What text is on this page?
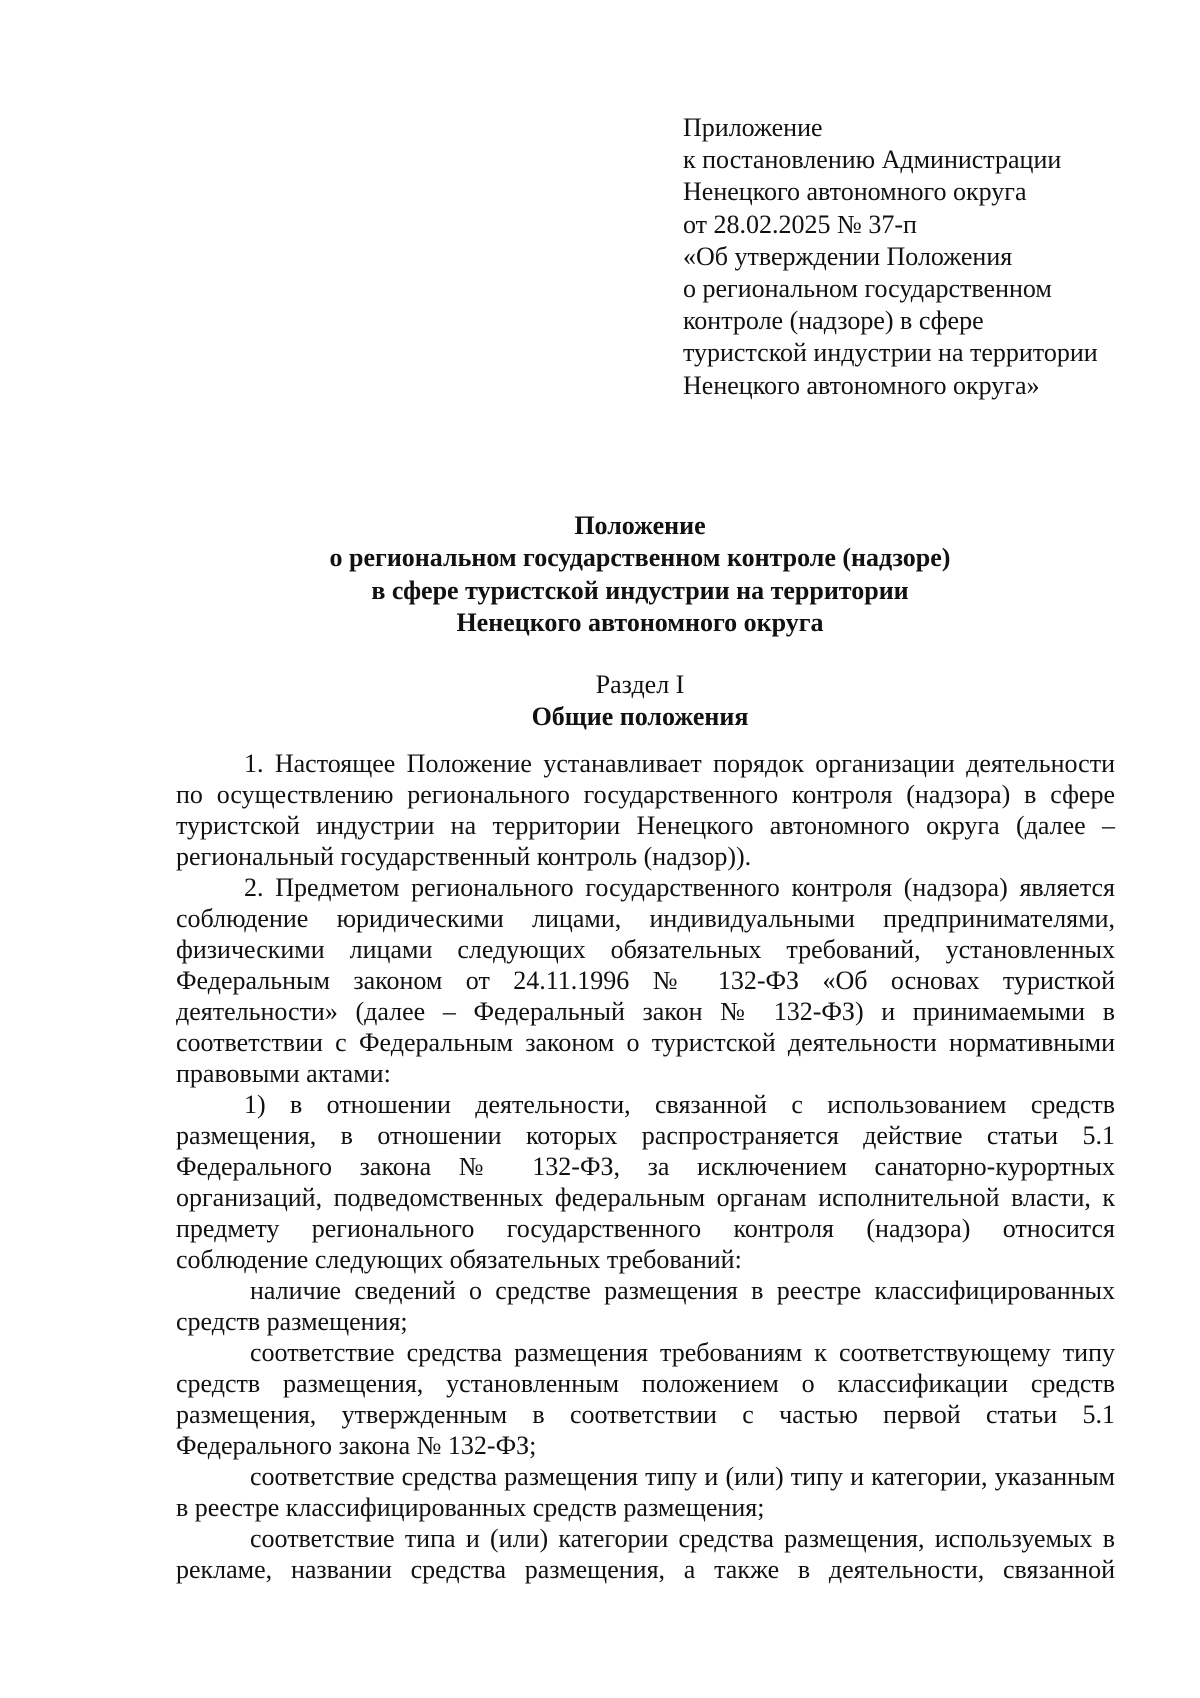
Приложение
к постановлению Администрации
Ненецкого автономного округа
от 28.02.2025 № 37-п
«Об утверждении Положения
о региональном государственном
контроле (надзоре) в сфере
туристской индустрии на территории
Ненецкого автономного округа»
Положение
о региональном государственном контроле (надзоре)
в сфере туристской индустрии на территории
Ненецкого автономного округа
Раздел I
Общие положения

1. Настоящее Положение устанавливает порядок организации деятельности по осуществлению регионального государственного контроля (надзора) в сфере туристской индустрии на территории Ненецкого автономного округа (далее – региональный государственный контроль (надзор)).

2. Предметом регионального государственного контроля (надзора) является соблюдение юридическими лицами, индивидуальными предпринимателями, физическими лицами следующих обязательных требований, установленных Федеральным законом от 24.11.1996 № 132-ФЗ «Об основах туристкой деятельности» (далее – Федеральный закон № 132-ФЗ) и принимаемыми в соответствии с Федеральным законом о туристской деятельности нормативными правовыми актами:

1) в отношении деятельности, связанной с использованием средств размещения, в отношении которых распространяется действие статьи 5.1 Федерального закона № 132-ФЗ, за исключением санаторно-курортных организаций, подведомственных федеральным органам исполнительной власти, к предмету регионального государственного контроля (надзора) относится соблюдение следующих обязательных требований:

наличие сведений о средстве размещения в реестре классифицированных средств размещения;

соответствие средства размещения требованиям к соответствующему типу средств размещения, установленным положением о классификации средств размещения, утвержденным в соответствии с частью первой статьи 5.1 Федерального закона № 132-ФЗ;

соответствие средства размещения типу и (или) типу и категории, указанным в реестре классифицированных средств размещения;

соответствие типа и (или) категории средства размещения, используемых в рекламе, названии средства размещения, а также в деятельности, связанной
